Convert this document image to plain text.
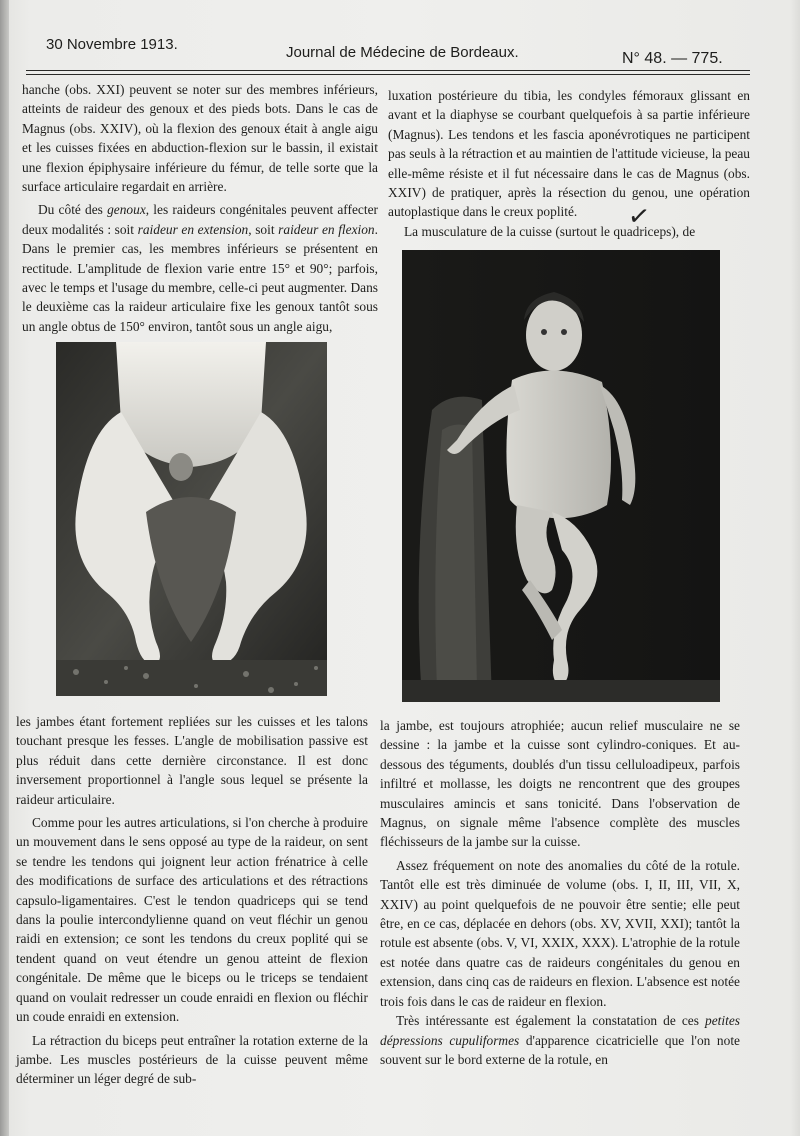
30 Novembre 1913.	Journal de Médecine de Bordeaux.	N° 48. — 775.

hanche (obs. XXI) peuvent se noter sur des membres inférieurs, atteints de raideur des genoux et des pieds bots. Dans le cas de Magnus (obs. XXIV), où la flexion des genoux était à angle aigu et les cuisses fixées en abduction-flexion sur le bassin, il existait une flexion épiphysaire inférieure du fémur, de telle sorte que la surface articulaire regardait en arrière.

Du côté des genoux, les raideurs congénitales peuvent affecter deux modalités : soit raideur en extension, soit raideur en flexion. Dans le premier cas, les membres inférieurs se présentent en rectitude. L'amplitude de flexion varie entre 15° et 90°; parfois, avec le temps et l'usage du membre, celle-ci peut augmenter. Dans le deuxième cas la raideur articulaire fixe les genoux tantôt sous un angle obtus de 150° environ, tantôt sous un angle aigu,

luxation postérieure du tibia, les condyles fémoraux glissant en avant et la diaphyse se courbant quelquefois à sa partie inférieure (Magnus). Les tendons et les fascia aponévrotiques ne participent pas seuls à la rétraction et au maintien de l'attitude vicieuse, la peau elle-même résiste et il fut nécessaire dans le cas de Magnus (obs. XXIV) de pratiquer, après la résection du genou, une opération autoplastique dans le creux poplité.

La musculature de la cuisse (surtout le quadriceps), de

✓

les jambes étant fortement repliées sur les cuisses et les talons touchant presque les fesses. L'angle de mobilisation passive est plus réduit dans cette dernière circonstance. Il est donc inversement proportionnel à l'angle sous lequel se présente la raideur articulaire.

Comme pour les autres articulations, si l'on cherche à produire un mouvement dans le sens opposé au type de la raideur, on sent se tendre les tendons qui joignent leur action frénatrice à celle des modifications de surface des articulations et des rétractions capsulo-ligamentaires. C'est le tendon quadriceps qui se tend dans la poulie intercondylienne quand on veut fléchir un genou raidi en extension; ce sont les tendons du creux poplité qui se tendent quand on veut étendre un genou atteint de flexion congénitale. De même que le biceps ou le triceps se tendaient quand on voulait redresser un coude enraidi en flexion ou fléchir un coude enraidi en extension.

La rétraction du biceps peut entraîner la rotation externe de la jambe. Les muscles postérieurs de la cuisse peuvent même déterminer un léger degré de sub-

la jambe, est toujours atrophiée; aucun relief musculaire ne se dessine : la jambe et la cuisse sont cylindro-coniques. Et au-dessous des téguments, doublés d'un tissu celluloadipeux, parfois infiltré et mollasse, les doigts ne rencontrent que des groupes musculaires amincis et sans tonicité. Dans l'observation de Magnus, on signale même l'absence complète des muscles fléchisseurs de la jambe sur la cuisse.

Assez fréquement on note des anomalies du côté de la rotule. Tantôt elle est très diminuée de volume (obs. I, II, III, VII, X, XXIV) au point quelquefois de ne pouvoir être sentie; elle peut être, en ce cas, déplacée en dehors (obs. XV, XVII, XXI); tantôt la rotule est absente (obs. V, VI, XXIX, XXX). L'atrophie de la rotule est notée dans quatre cas de raideurs congénitales du genou en extension, dans cinq cas de raideurs en flexion. L'absence est notée trois fois dans le cas de raideur en flexion.

Très intéressante est également la constatation de ces petites dépressions cupuliformes d'apparence cicatricielle que l'on note souvent sur le bord externe de la rotule, en
